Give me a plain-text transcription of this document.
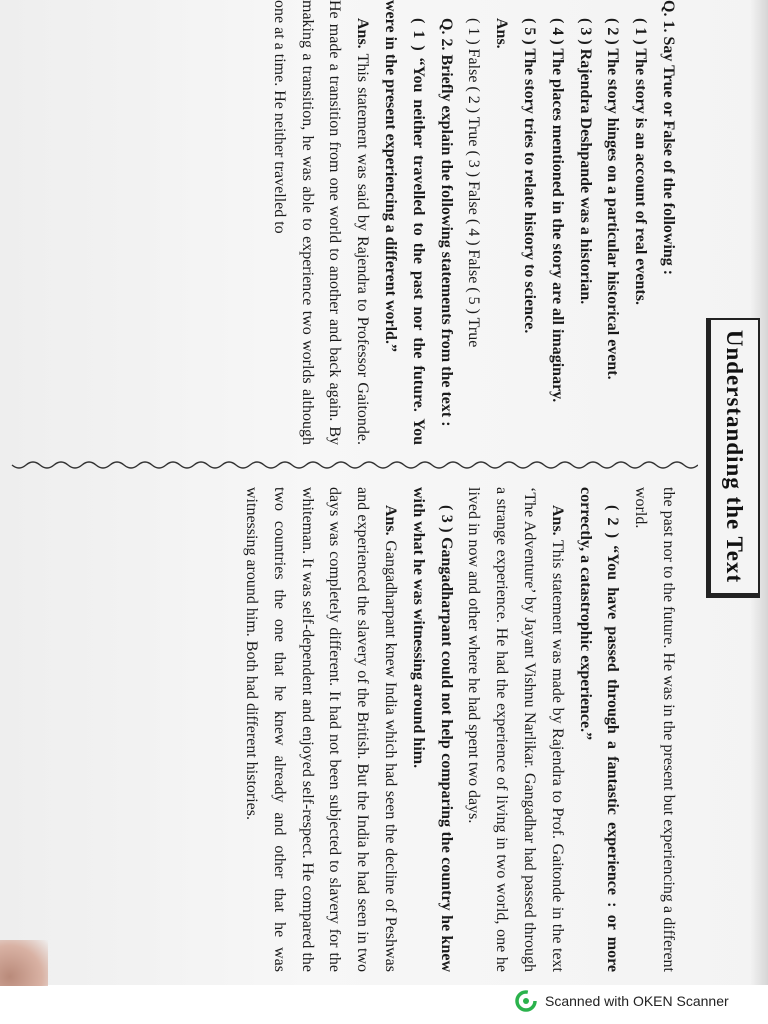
Understanding the Text

Q. 1. Say True or False of the following :

( 1 ) The story is an account of real events.

( 2 ) The story hinges on a particular historical event.

( 3 ) Rajendra Deshpande was a historian.

( 4 ) The places mentioned in the story are all imaginary.

( 5 ) The story tries to relate history to science.

Ans.

( 1 ) False ( 2 ) True ( 3 ) False ( 4 ) False ( 5 ) True

Q. 2. Briefly explain the following statements from the text :

( 1 ) “You neither travelled to the past nor the future. You were in the present experiencing a different world.”

Ans. This statement was said by Rajendra to Professor Gaitonde. He made a transition from one world to another and back again. By making a transition, he was able to experience two worlds although one at a time. He neither travelled to

the past nor to the future. He was in the present but experiencing a different world.

( 2 ) “You have passed through a fantastic experience : or more correctly, a catastrophic experience.”

Ans. This statement was made by Rajendra to Prof. Gaitonde in the text ‘The Adventure’ by Jayant Vishnu Narlikar. Gangadhar had passed through a strange experience. He had the experience of living in two world, one he lived in now and other where he had spent two days.

( 3 ) Gangadharpant could not help comparing the country he knew with what he was witnessing around him.

Ans. Gangadharpant knew India which had seen the decline of Peshwas and experienced the slavery of the British. But the India he had seen in two days was completely different. It had not been subjected to slavery for the whiteman. It was self-dependent and enjoyed self-respect. He compared the two countries the one that he knew already and other that he was witnessing around him. Both had different histories.

Scanned with OKEN Scanner
